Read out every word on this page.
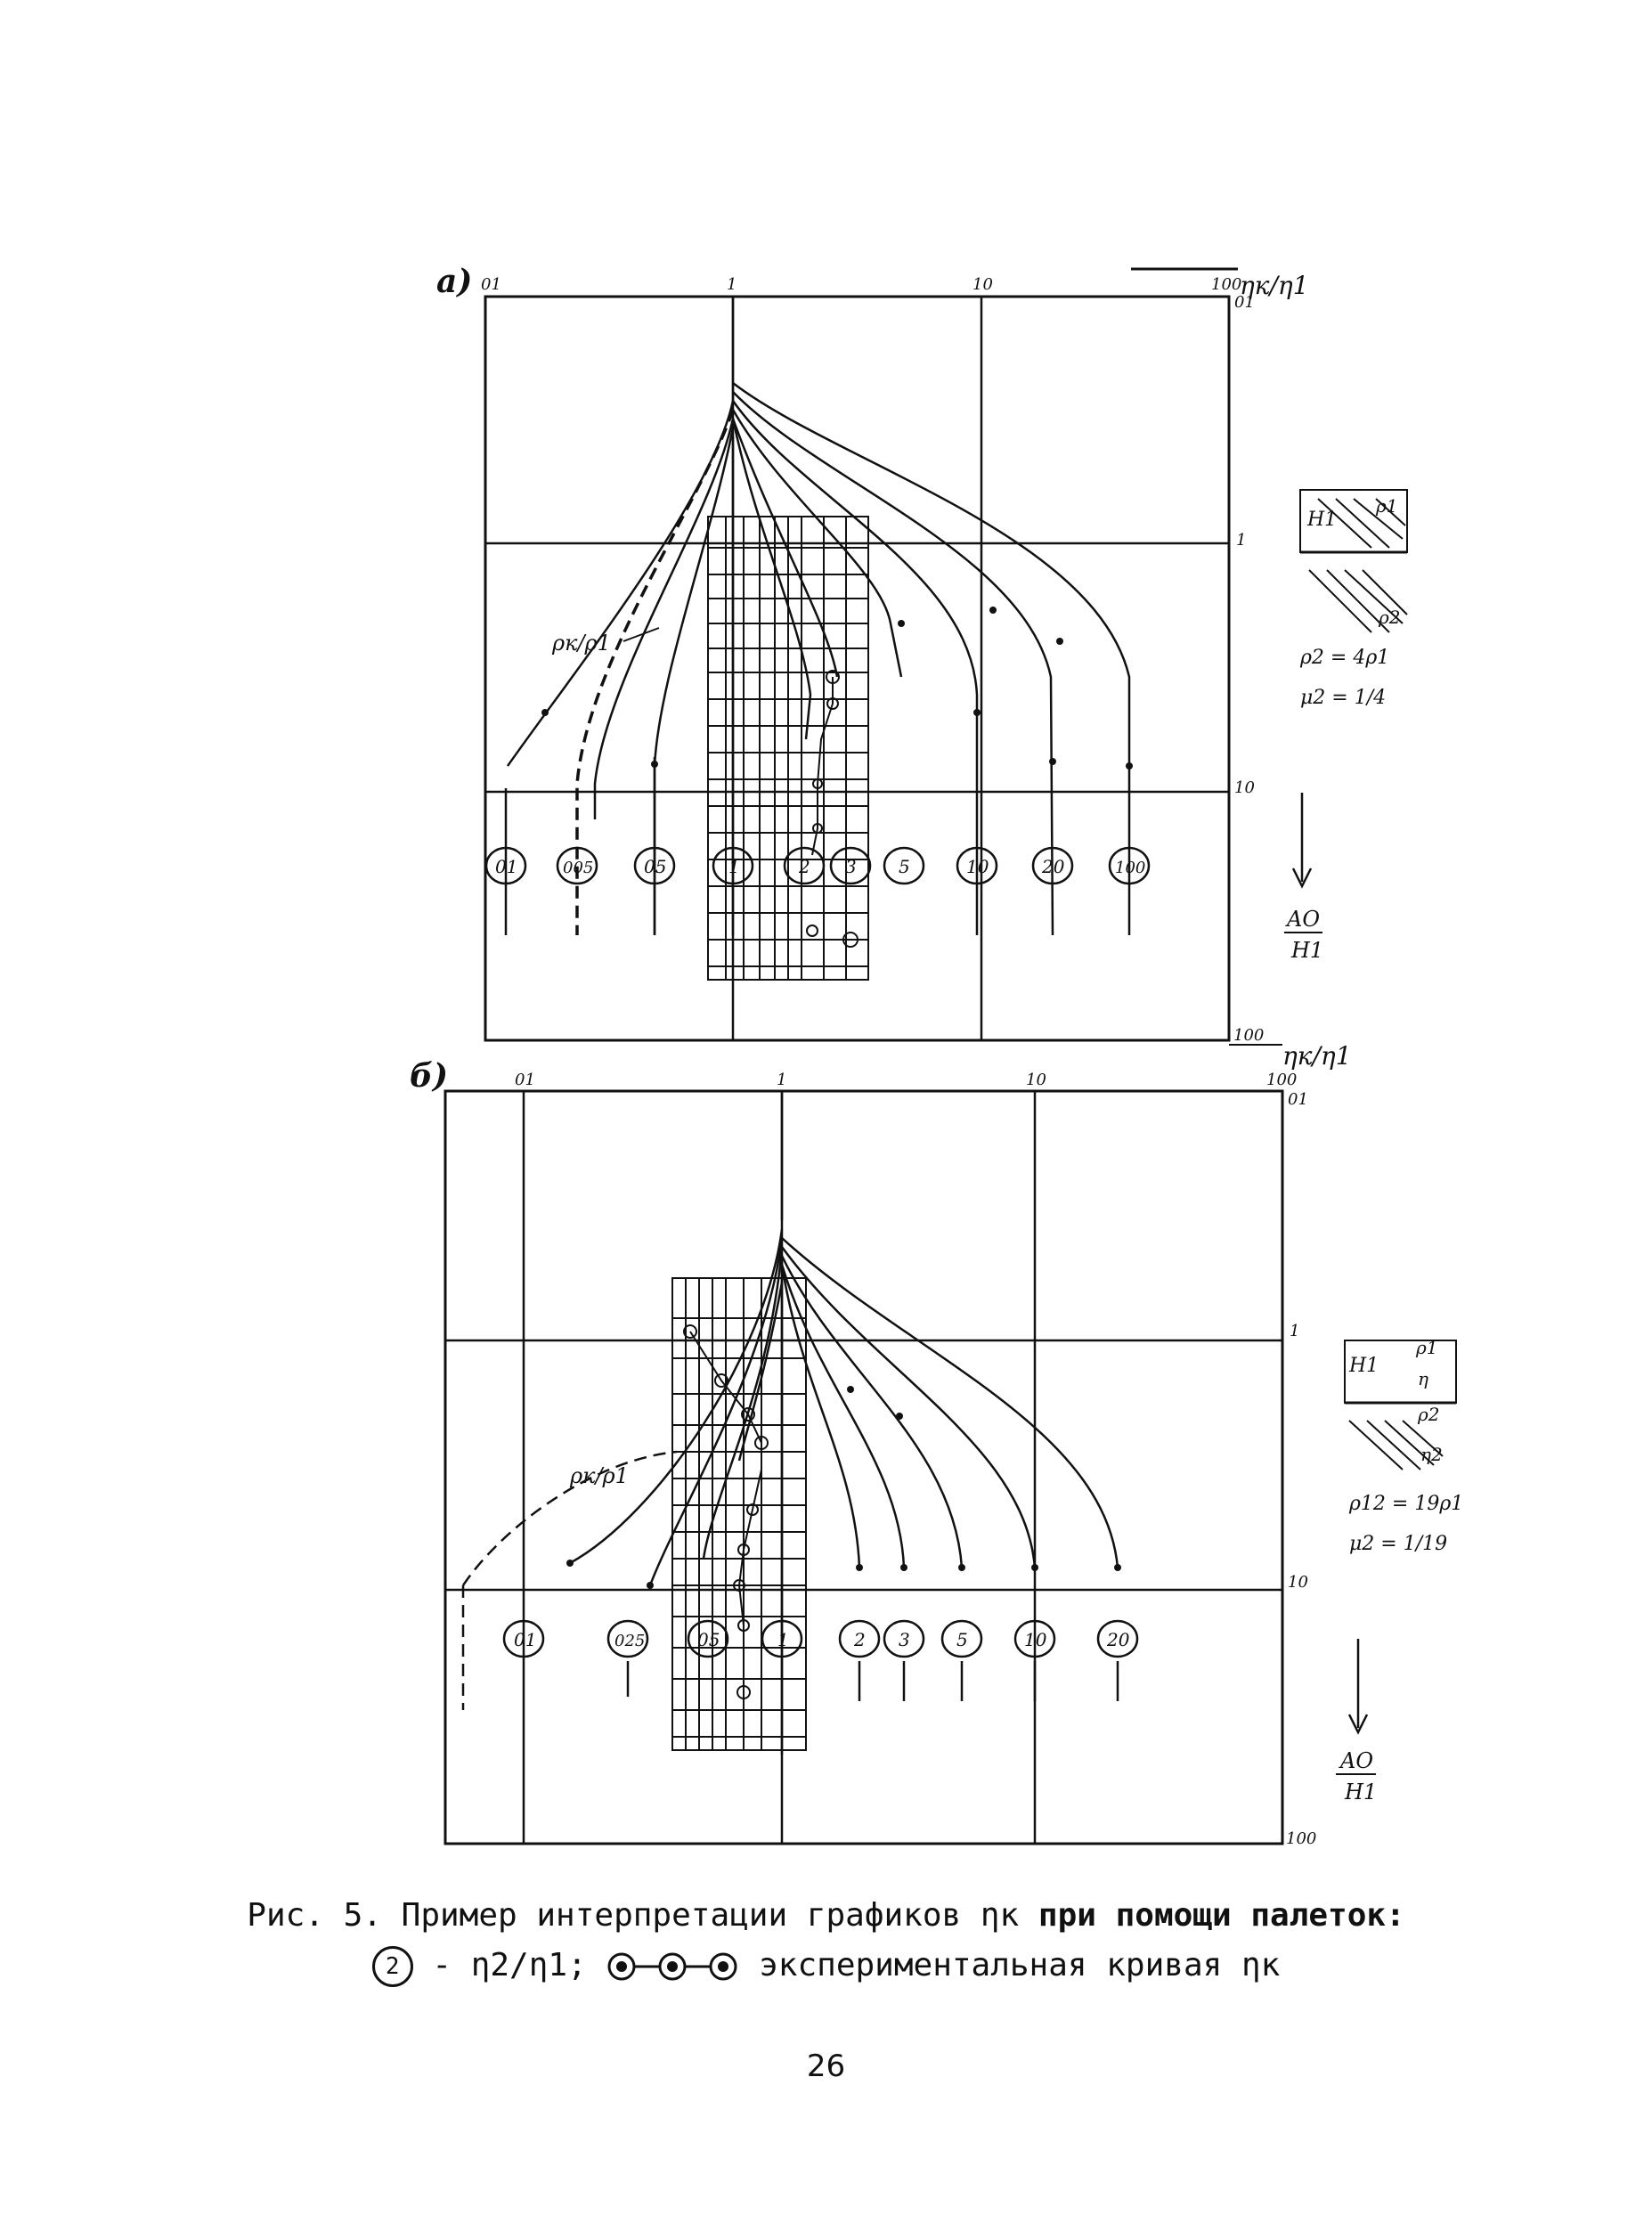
a) 01	1	10	100
01
1
10
100
ηк/η1
AO
H1
ρк/ρ1
H1
ρ1
ρ2
ρ2 = 4ρ1
μ2 = 1/4
01	005	05	1	2 3 5	10	20	100
б)	01	1	10	100
01
1
10
100
ηк/η1
AO
H1
ρк/ρ1
H1
ρ1
η
ρ2
η2
ρ12 = 19ρ1
μ2 = 1/19
01	025	05	1	2 3	5	10	20
Рис. 5. Пример интерпретации графиков ηк при помощи палеток:
2 - η2/η1;	экспериментальная кривая ηк
26
